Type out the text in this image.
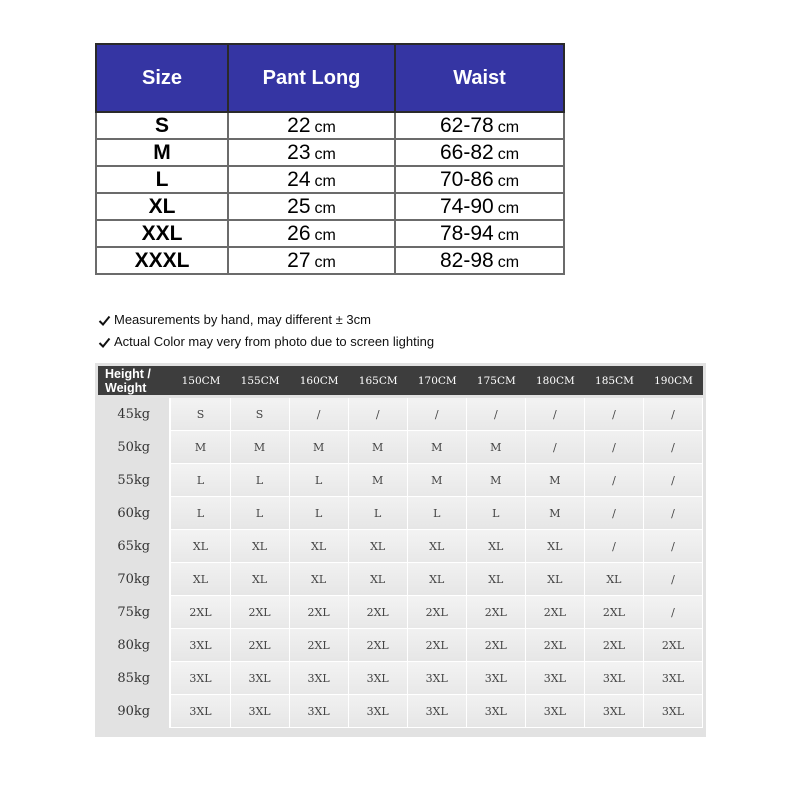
Size	Pant Long	Waist
S	22 cm	62-78 cm
M	23 cm	66-82 cm
L	24 cm	70-86 cm
XL	25 cm	74-90 cm
XXL	26 cm	78-94 cm
XXXL	27 cm	82-98 cm
Measurements by hand, may different ± 3cm
Actual Color may very from photo due to screen lighting
Height /
Weight
150CM	155CM	160CM	165CM	170CM	175CM	180CM	185CM	190CM
45kg	S	S	/	/	/	/	/	/	/
50kg	M	M	M	M	M	M	/	/	/
55kg	L	L	L	M	M	M	M	/	/
60kg	L	L	L	L	L	L	M	/	/
65kg	XL	XL	XL	XL	XL	XL	XL	/	/
70kg	XL	XL	XL	XL	XL	XL	XL	XL	/
75kg	2XL	2XL	2XL	2XL	2XL	2XL	2XL	2XL	/
80kg	3XL	2XL	2XL	2XL	2XL	2XL	2XL	2XL	2XL
85kg	3XL	3XL	3XL	3XL	3XL	3XL	3XL	3XL	3XL
90kg	3XL	3XL	3XL	3XL	3XL	3XL	3XL	3XL	3XL
